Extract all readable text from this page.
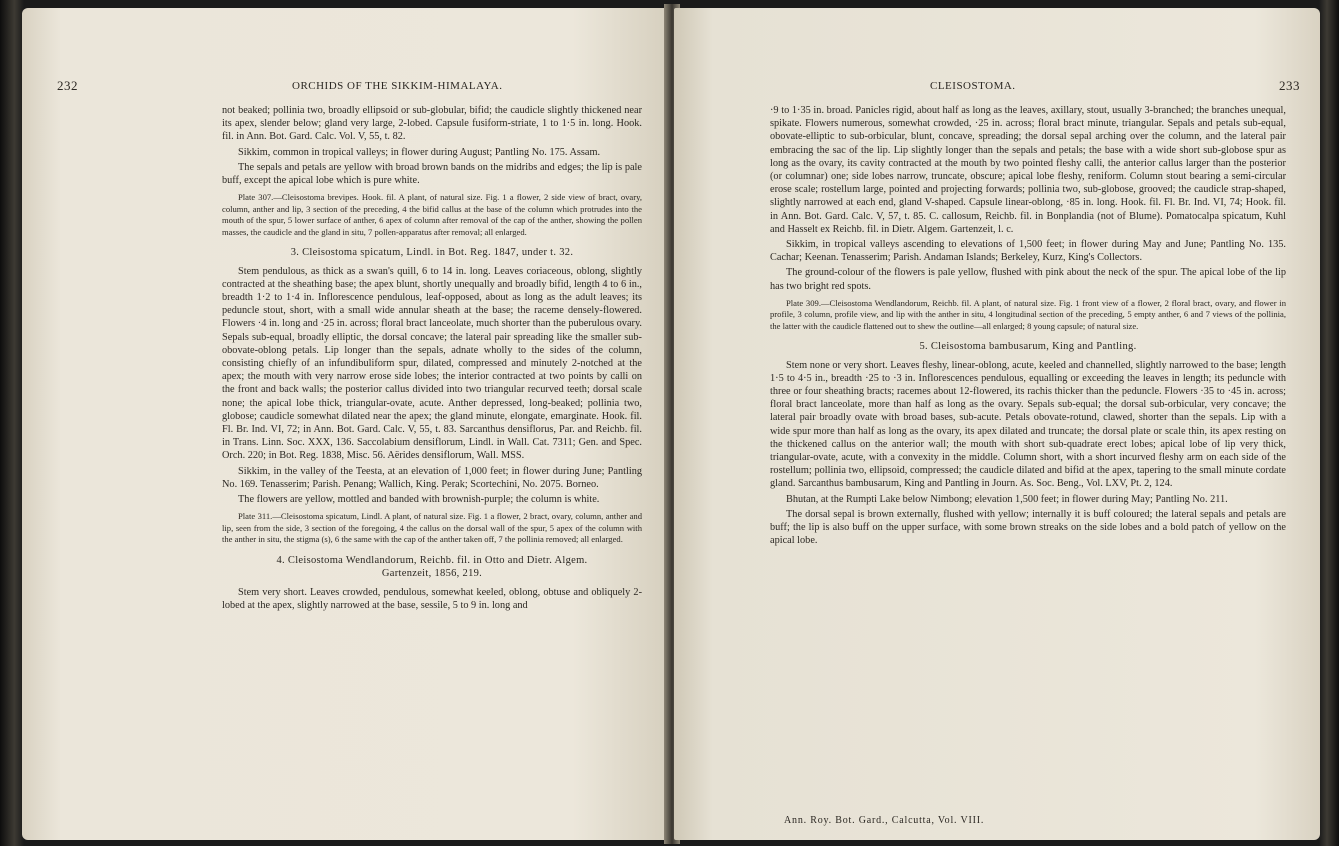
232	ORCHIDS OF THE SIKKIM-HIMALAYA.

not beaked; pollinia two, broadly ellipsoid or sub-globular, bifid; the caudicle slightly thickened near its apex, slender below; gland very large, 2-lobed. Capsule fusiform-striate, 1 to 1·5 in. long. Hook. fil. in Ann. Bot. Gard. Calc. Vol. V, 55, t. 82.

Sikkim, common in tropical valleys; in flower during August; Pantling No. 175. Assam.

The sepals and petals are yellow with broad brown bands on the midribs and edges; the lip is pale buff, except the apical lobe which is pure white.

Plate 307.—Cleisostoma brevipes. Hook. fil. A plant, of natural size. Fig. 1 a flower, 2 side view of bract, ovary, column, anther and lip, 3 section of the preceding, 4 the bifid callus at the base of the column which protrudes into the mouth of the spur, 5 lower surface of anther, 6 apex of column after removal of the cap of the anther, showing the pollen masses, the caudicle and the gland in situ, 7 pollen-apparatus after removal; all enlarged.

3. Cleisostoma spicatum, Lindl. in Bot. Reg. 1847, under t. 32.

Stem pendulous, as thick as a swan's quill, 6 to 14 in. long. Leaves coriaceous, oblong, slightly contracted at the sheathing base; the apex blunt, shortly unequally and broadly bifid, length 4 to 6 in., breadth 1·2 to 1·4 in. Inflorescence pendulous, leaf-opposed, about as long as the adult leaves; its peduncle stout, short, with a small wide annular sheath at the base; the raceme densely-flowered. Flowers ·4 in. long and ·25 in. across; floral bract lanceolate, much shorter than the puberulous ovary. Sepals sub-equal, broadly elliptic, the dorsal concave; the lateral pair spreading like the smaller sub-obovate-oblong petals. Lip longer than the sepals, adnate wholly to the sides of the column, consisting chiefly of an infundibuliform spur, dilated, compressed and minutely 2-notched at the apex; the mouth with very narrow erose side lobes; the interior contracted at two points by calli on the front and back walls; the posterior callus divided into two triangular recurved teeth; dorsal scale none; the apical lobe thick, triangular-ovate, acute. Anther depressed, long-beaked; pollinia two, globose; caudicle somewhat dilated near the apex; the gland minute, elongate, emarginate. Hook. fil. Fl. Br. Ind. VI, 72; in Ann. Bot. Gard. Calc. V, 55, t. 83. Sarcanthus densiflorus, Par. and Reichb. fil. in Trans. Linn. Soc. XXX, 136. Saccolabium densiflorum, Lindl. in Wall. Cat. 7311; Gen. and Spec. Orch. 220; in Bot. Reg. 1838, Misc. 56. Aërides densiflorum, Wall. MSS.

Sikkim, in the valley of the Teesta, at an elevation of 1,000 feet; in flower during June; Pantling No. 169. Tenasserim; Parish. Penang; Wallich, King. Perak; Scortechini, No. 2075. Borneo.

The flowers are yellow, mottled and banded with brownish-purple; the column is white.

Plate 311.—Cleisostoma spicatum, Lindl. A plant, of natural size. Fig. 1 a flower, 2 bract, ovary, column, anther and lip, seen from the side, 3 section of the foregoing, 4 the callus on the dorsal wall of the spur, 5 apex of the column with the anther in situ, the stigma (s), 6 the same with the cap of the anther taken off, 7 the pollinia removed; all enlarged.

4. Cleisostoma Wendlandorum, Reichb. fil. in Otto and Dietr. Algem.
Gartenzeit, 1856, 219.

Stem very short. Leaves crowded, pendulous, somewhat keeled, oblong, obtuse and obliquely 2-lobed at the apex, slightly narrowed at the base, sessile, 5 to 9 in. long and

CLEISOSTOMA.	233

·9 to 1·35 in. broad. Panicles rigid, about half as long as the leaves, axillary, stout, usually 3-branched; the branches unequal, spikate. Flowers numerous, somewhat crowded, ·25 in. across; floral bract minute, triangular. Sepals and petals sub-equal, obovate-elliptic to sub-orbicular, blunt, concave, spreading; the dorsal sepal arching over the column, and the lateral pair embracing the sac of the lip. Lip slightly longer than the sepals and petals; the base with a wide short sub-globose spur as long as the ovary, its cavity contracted at the mouth by two pointed fleshy calli, the anterior callus larger than the posterior (or columnar) one; side lobes narrow, truncate, obscure; apical lobe fleshy, reniform. Column stout bearing a semi-circular erose scale; rostellum large, pointed and projecting forwards; pollinia two, sub-globose, grooved; the caudicle strap-shaped, slightly narrowed at each end, gland V-shaped. Capsule linear-oblong, ·85 in. long. Hook. fil. Fl. Br. Ind. VI, 74; Hook. fil. in Ann. Bot. Gard. Calc. V, 57, t. 85. C. callosum, Reichb. fil. in Bonplandia (not of Blume). Pomatocalpa spicatum, Kuhl and Hasselt ex Reichb. fil. in Dietr. Algem. Gartenzeit, l. c.

Sikkim, in tropical valleys ascending to elevations of 1,500 feet; in flower during May and June; Pantling No. 135. Cachar; Keenan. Tenasserim; Parish. Andaman Islands; Berkeley, Kurz, King's Collectors.

The ground-colour of the flowers is pale yellow, flushed with pink about the neck of the spur. The apical lobe of the lip has two bright red spots.

Plate 309.—Cleisostoma Wendlandorum, Reichb. fil. A plant, of natural size. Fig. 1 front view of a flower, 2 floral bract, ovary, and flower in profile, 3 column, profile view, and lip with the anther in situ, 4 longitudinal section of the preceding, 5 empty anther, 6 and 7 views of the pollinia, the latter with the caudicle flattened out to shew the outline—all enlarged; 8 young capsule; of natural size.

5. Cleisostoma bambusarum, King and Pantling.

Stem none or very short. Leaves fleshy, linear-oblong, acute, keeled and channelled, slightly narrowed to the base; length 1·5 to 4·5 in., breadth ·25 to ·3 in. Inflorescences pendulous, equalling or exceeding the leaves in length; its peduncle with three or four sheathing bracts; racemes about 12-flowered, its rachis thicker than the peduncle. Flowers ·35 to ·45 in. across; floral bract lanceolate, more than half as long as the ovary. Sepals sub-equal; the dorsal sub-orbicular, very concave; the lateral pair broadly ovate with broad bases, sub-acute. Petals obovate-rotund, clawed, shorter than the sepals. Lip with a wide spur more than half as long as the ovary, its apex dilated and truncate; the dorsal plate or scale thin, its apex resting on the thickened callus on the anterior wall; the mouth with short sub-quadrate erect lobes; apical lobe of lip very thick, triangular-ovate, acute, with a convexity in the middle. Column short, with a short incurved fleshy arm on each side of the rostellum; pollinia two, ellipsoid, compressed; the caudicle dilated and bifid at the apex, tapering to the small minute cordate gland. Sarcanthus bambusarum, King and Pantling in Journ. As. Soc. Beng., Vol. LXV, Pt. 2, 124.

Bhutan, at the Rumpti Lake below Nimbong; elevation 1,500 feet; in flower during May; Pantling No. 211.

The dorsal sepal is brown externally, flushed with yellow; internally it is buff coloured; the lateral sepals and petals are buff; the lip is also buff on the upper surface, with some brown streaks on the side lobes and a bold patch of yellow on the apical lobe.

Ann. Roy. Bot. Gard., Calcutta, Vol. VIII.
